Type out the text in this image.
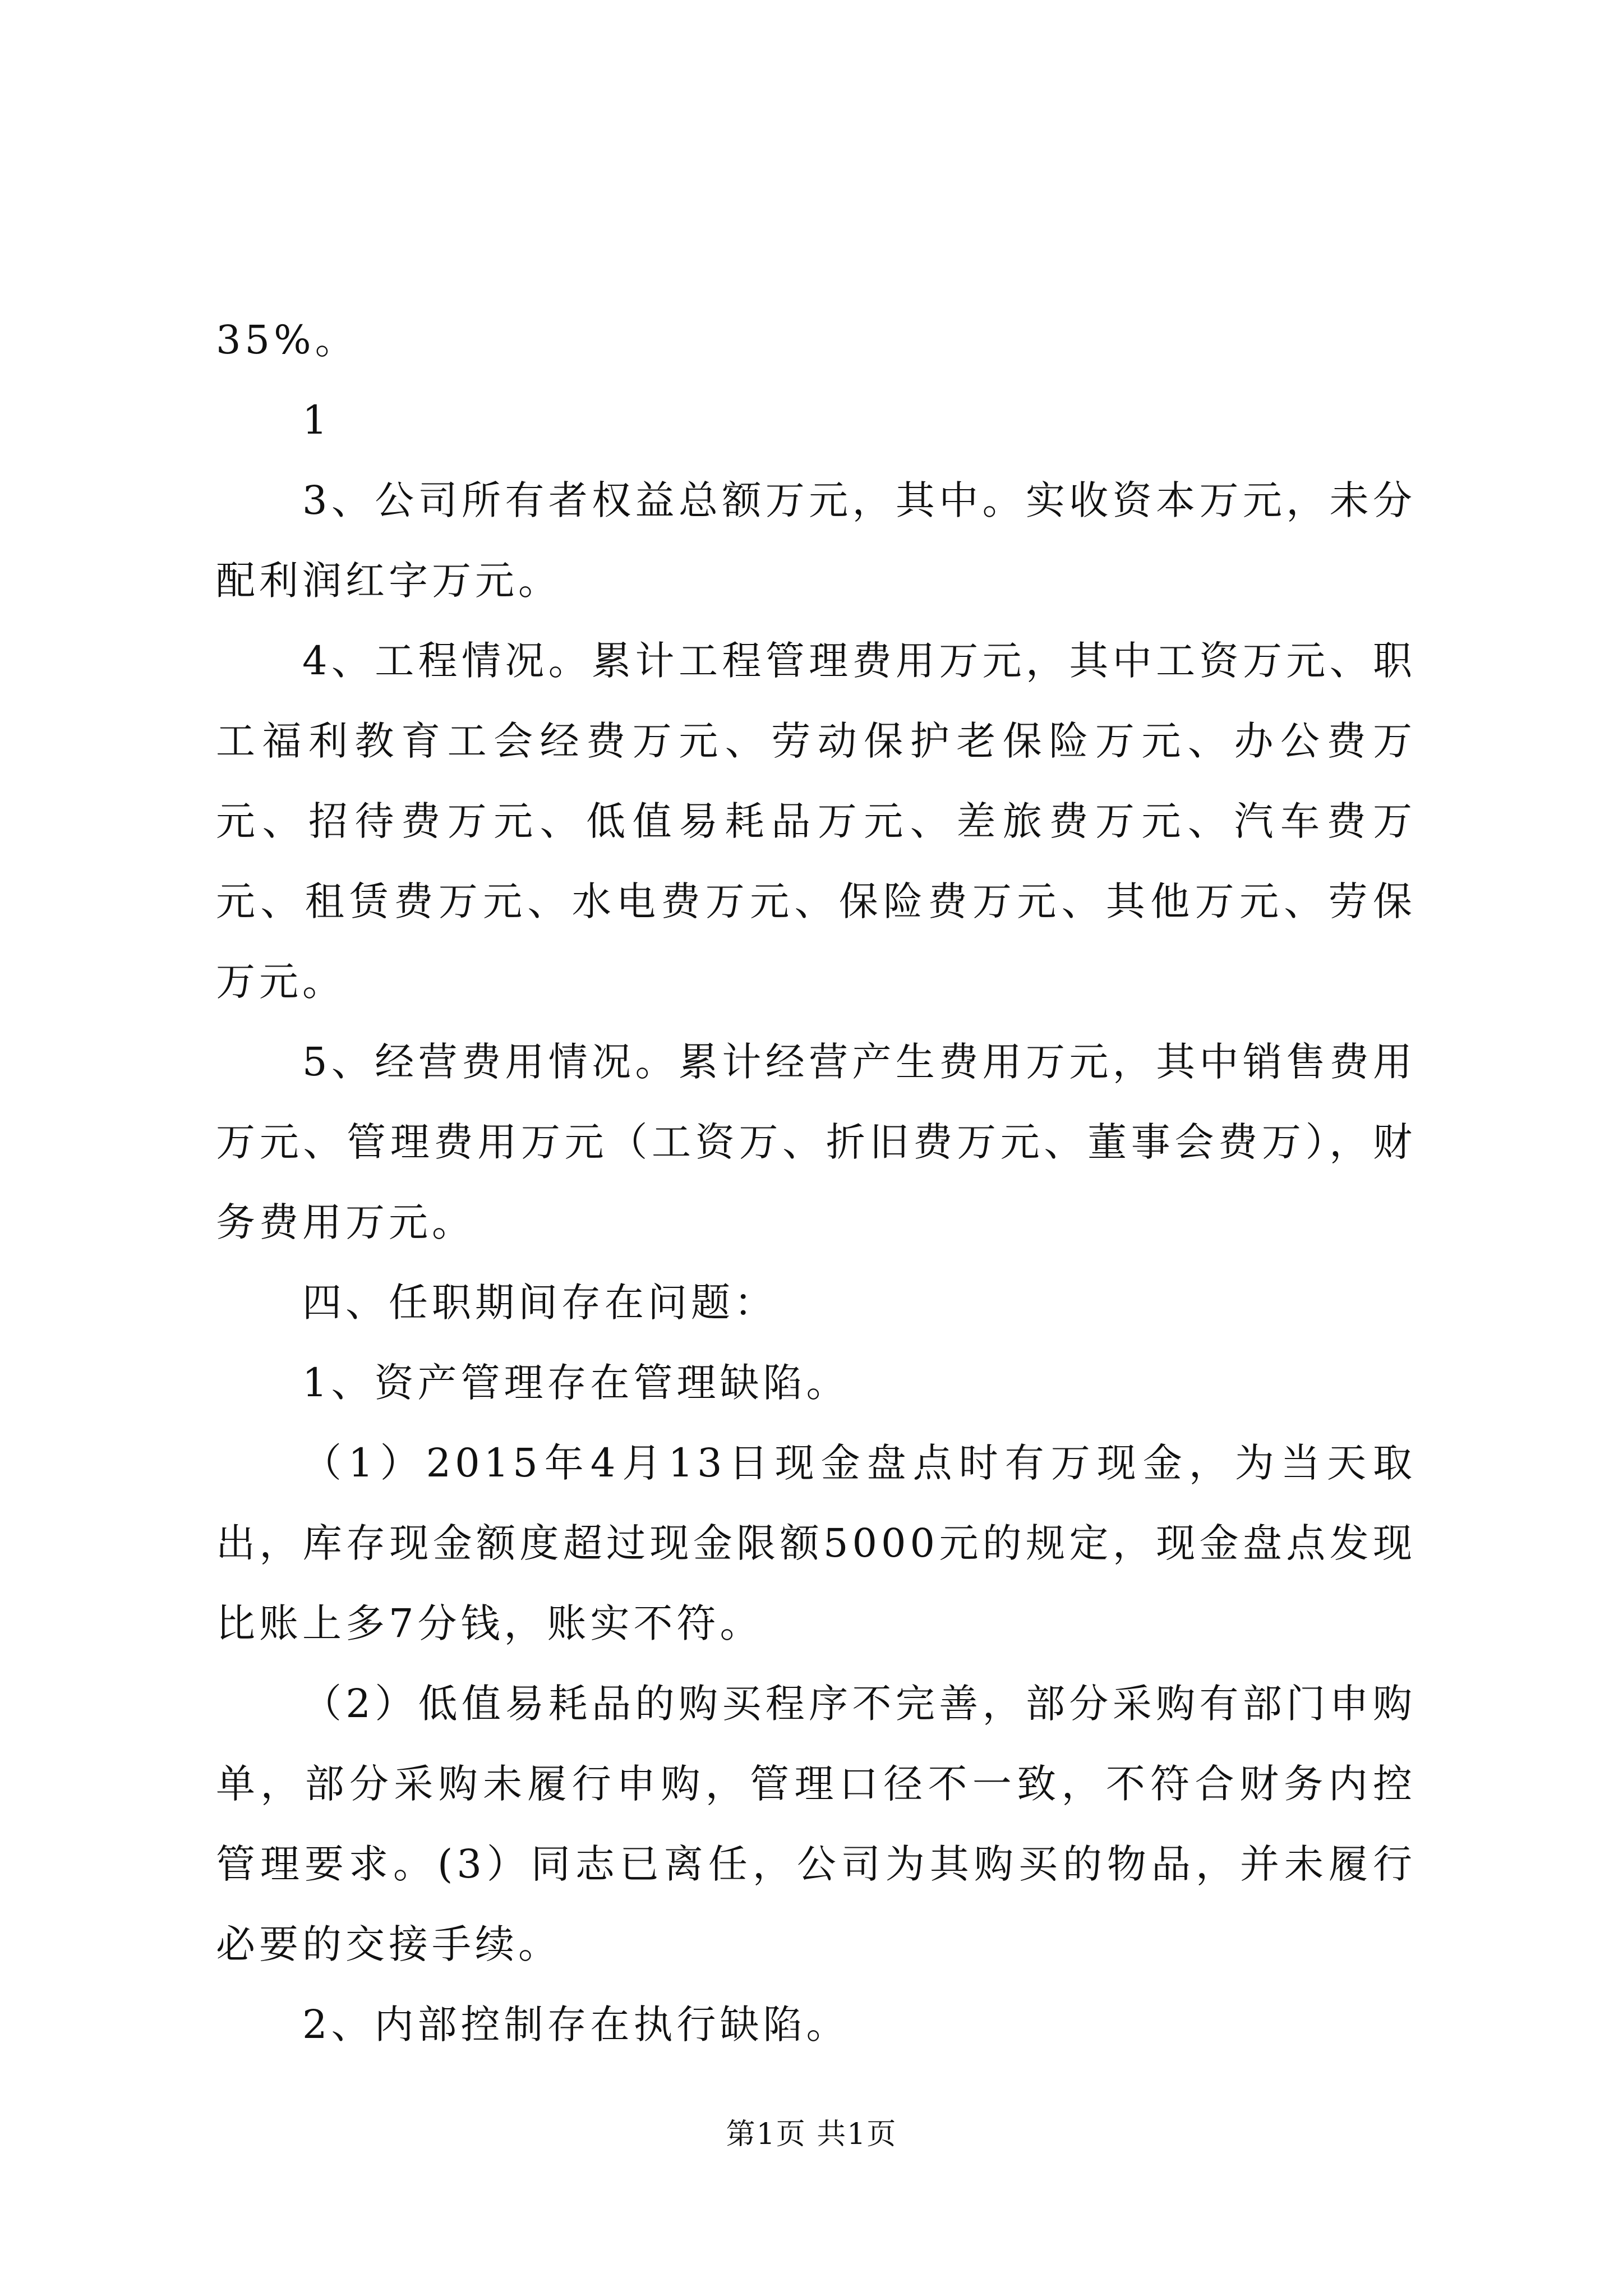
35%。

1

3、公司所有者权益总额万元，其中。实收资本万元，未分配利润红字万元。

4、工程情况。累计工程管理费用万元，其中工资万元、职工福利教育工会经费万元、劳动保护老保险万元、办公费万元、招待费万元、低值易耗品万元、差旅费万元、汽车费万元、租赁费万元、水电费万元、保险费万元、其他万元、劳保万元。

5、经营费用情况。累计经营产生费用万元，其中销售费用万元、管理费用万元（工资万、折旧费万元、董事会费万），财务费用万元。

四、任职期间存在问题：

1、资产管理存在管理缺陷。

（1）2015年4月13日现金盘点时有万现金，为当天取出，库存现金额度超过现金限额5000元的规定，现金盘点发现比账上多7分钱，账实不符。

（2）低值易耗品的购买程序不完善，部分采购有部门申购单，部分采购未履行申购，管理口径不一致，不符合财务内控管理要求。(3）同志已离任，公司为其购买的物品，并未履行必要的交接手续。

2、内部控制存在执行缺陷。

第1页 共1页
